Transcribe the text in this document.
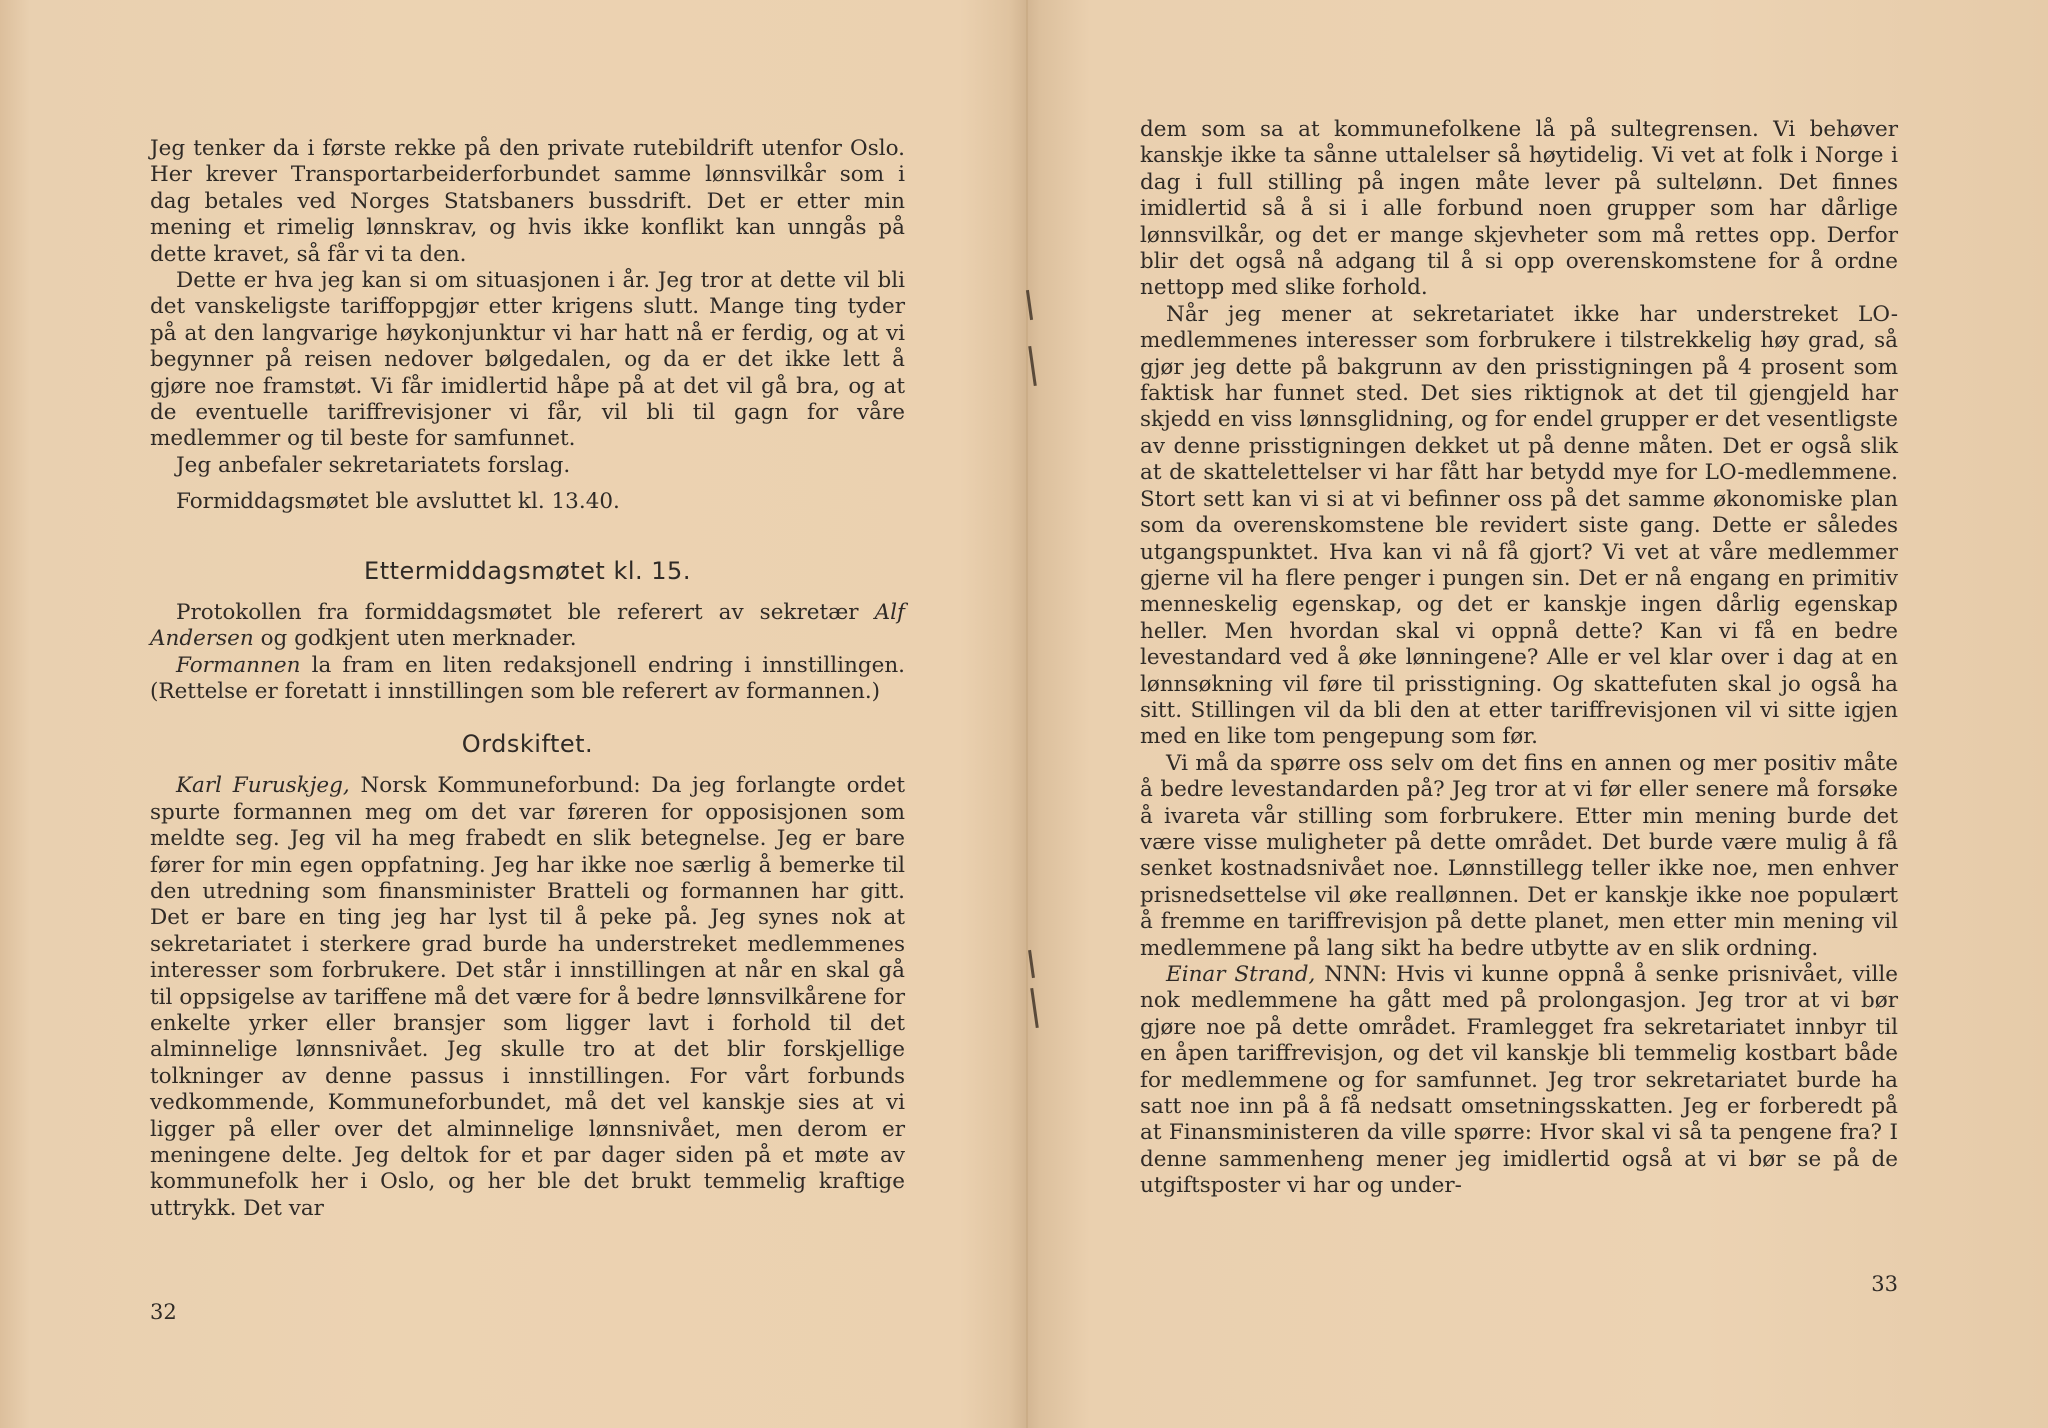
Jeg tenker da i første rekke på den private rutebildrift utenfor Oslo. Her krever Transportarbeiderforbundet samme lønnsvilkår som i dag betales ved Norges Statsbaners bussdrift. Det er etter min mening et rimelig lønnskrav, og hvis ikke konflikt kan unngås på dette kravet, så får vi ta den.

Dette er hva jeg kan si om situasjonen i år. Jeg tror at dette vil bli det vanskeligste tariffoppgjør etter krigens slutt. Mange ting tyder på at den langvarige høykonjunktur vi har hatt nå er ferdig, og at vi begynner på reisen nedover bølgedalen, og da er det ikke lett å gjøre noe framstøt. Vi får imidlertid håpe på at det vil gå bra, og at de eventuelle tariffrevisjoner vi får, vil bli til gagn for våre medlemmer og til beste for samfunnet.

Jeg anbefaler sekretariatets forslag.

Formiddagsmøtet ble avsluttet kl. 13.40.

Ettermiddagsmøtet kl. 15.

Protokollen fra formiddagsmøtet ble referert av sekretær Alf Andersen og godkjent uten merknader.

Formannen la fram en liten redaksjonell endring i innstillingen. (Rettelse er foretatt i innstillingen som ble referert av formannen.)

Ordskiftet.

Karl Furuskjeg, Norsk Kommuneforbund: Da jeg forlangte ordet spurte formannen meg om det var føreren for opposisjonen som meldte seg. Jeg vil ha meg frabedt en slik betegnelse. Jeg er bare fører for min egen oppfatning. Jeg har ikke noe særlig å bemerke til den utredning som finansminister Bratteli og formannen har gitt. Det er bare en ting jeg har lyst til å peke på. Jeg synes nok at sekretariatet i sterkere grad burde ha understreket medlemmenes interesser som forbrukere. Det står i innstillingen at når en skal gå til oppsigelse av tariffene må det være for å bedre lønnsvilkårene for enkelte yrker eller bransjer som ligger lavt i forhold til det alminnelige lønnsnivået. Jeg skulle tro at det blir forskjellige tolkninger av denne passus i innstillingen. For vårt forbunds vedkommende, Kommuneforbundet, må det vel kanskje sies at vi ligger på eller over det alminnelige lønnsnivået, men derom er meningene delte. Jeg deltok for et par dager siden på et møte av kommunefolk her i Oslo, og her ble det brukt temmelig kraftige uttrykk. Det var

32

dem som sa at kommunefolkene lå på sultegrensen. Vi behøver kanskje ikke ta sånne uttalelser så høytidelig. Vi vet at folk i Norge i dag i full stilling på ingen måte lever på sultelønn. Det finnes imidlertid så å si i alle forbund noen grupper som har dårlige lønnsvilkår, og det er mange skjevheter som må rettes opp. Derfor blir det også nå adgang til å si opp overenskomstene for å ordne nettopp med slike forhold.

Når jeg mener at sekretariatet ikke har understreket LO-medlemmenes interesser som forbrukere i tilstrekkelig høy grad, så gjør jeg dette på bakgrunn av den prisstigningen på 4 prosent som faktisk har funnet sted. Det sies riktignok at det til gjengjeld har skjedd en viss lønnsglidning, og for endel grupper er det vesentligste av denne prisstigningen dekket ut på denne måten. Det er også slik at de skattelettelser vi har fått har betydd mye for LO-medlemmene. Stort sett kan vi si at vi befinner oss på det samme økonomiske plan som da overenskomstene ble revidert siste gang. Dette er således utgangspunktet. Hva kan vi nå få gjort? Vi vet at våre medlemmer gjerne vil ha flere penger i pungen sin. Det er nå engang en primitiv menneskelig egenskap, og det er kanskje ingen dårlig egenskap heller. Men hvordan skal vi oppnå dette? Kan vi få en bedre levestandard ved å øke lønningene? Alle er vel klar over i dag at en lønnsøkning vil føre til prisstigning. Og skattefuten skal jo også ha sitt. Stillingen vil da bli den at etter tariffrevisjonen vil vi sitte igjen med en like tom pengepung som før.

Vi må da spørre oss selv om det fins en annen og mer positiv måte å bedre levestandarden på? Jeg tror at vi før eller senere må forsøke å ivareta vår stilling som forbrukere. Etter min mening burde det være visse muligheter på dette området. Det burde være mulig å få senket kostnadsnivået noe. Lønnstillegg teller ikke noe, men enhver prisnedsettelse vil øke reallønnen. Det er kanskje ikke noe populært å fremme en tariffrevisjon på dette planet, men etter min mening vil medlemmene på lang sikt ha bedre utbytte av en slik ordning.

Einar Strand, NNN: Hvis vi kunne oppnå å senke prisnivået, ville nok medlemmene ha gått med på prolongasjon. Jeg tror at vi bør gjøre noe på dette området. Framlegget fra sekretariatet innbyr til en åpen tariffrevisjon, og det vil kanskje bli temmelig kostbart både for medlemmene og for samfunnet. Jeg tror sekretariatet burde ha satt noe inn på å få nedsatt omsetningsskatten. Jeg er forberedt på at Finansministeren da ville spørre: Hvor skal vi så ta pengene fra? I denne sammenheng mener jeg imidlertid også at vi bør se på de utgiftsposter vi har og under-

33
